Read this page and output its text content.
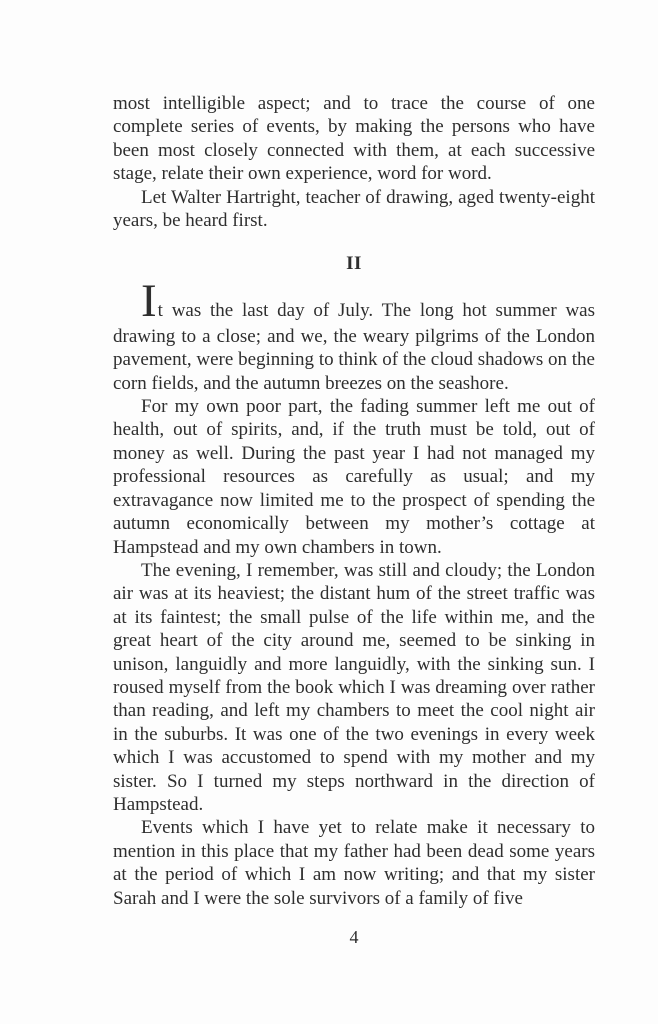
most intelligible aspect; and to trace the course of one complete series of events, by making the persons who have been most closely connected with them, at each successive stage, relate their own experience, word for word.

Let Walter Hartright, teacher of drawing, aged twenty-eight years, be heard first.

II

It was the last day of July. The long hot summer was drawing to a close; and we, the weary pilgrims of the London pavement, were beginning to think of the cloud shadows on the corn fields, and the autumn breezes on the seashore.

For my own poor part, the fading summer left me out of health, out of spirits, and, if the truth must be told, out of money as well. During the past year I had not managed my professional resources as carefully as usual; and my extravagance now limited me to the prospect of spending the autumn economically between my mother’s cottage at Hampstead and my own chambers in town.

The evening, I remember, was still and cloudy; the London air was at its heaviest; the distant hum of the street traffic was at its faintest; the small pulse of the life within me, and the great heart of the city around me, seemed to be sinking in unison, languidly and more languidly, with the sinking sun. I roused myself from the book which I was dreaming over rather than reading, and left my chambers to meet the cool night air in the suburbs. It was one of the two evenings in every week which I was accustomed to spend with my mother and my sister. So I turned my steps northward in the direction of Hampstead.

Events which I have yet to relate make it necessary to mention in this place that my father had been dead some years at the period of which I am now writing; and that my sister Sarah and I were the sole survivors of a family of five

4
